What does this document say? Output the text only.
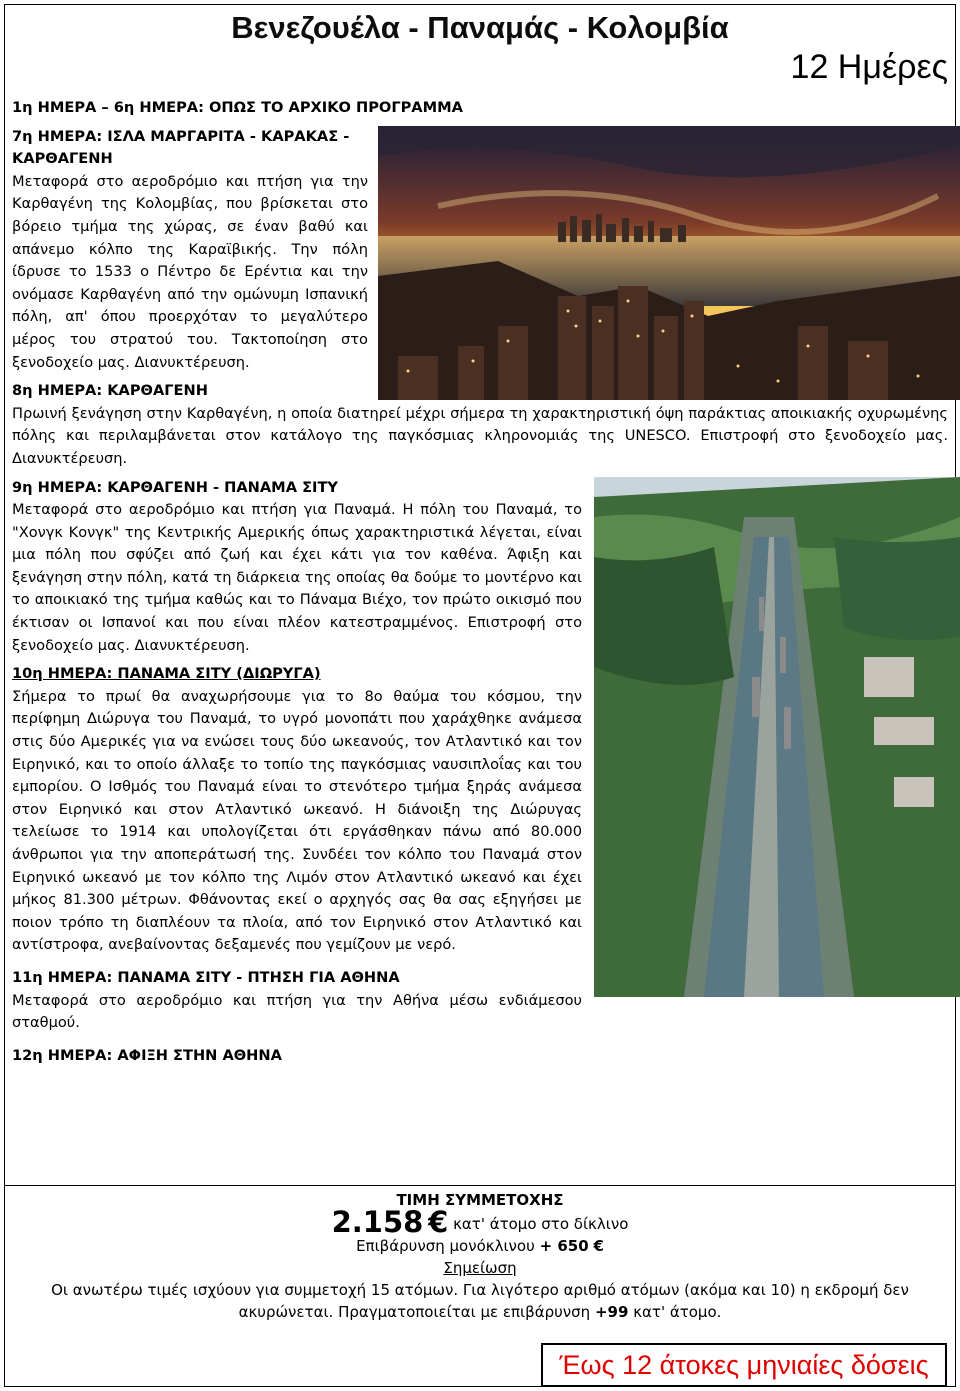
Βενεζουέλα - Παναμάς - Κολομβία
12 Ημέρες

1η ΗΜΕΡΑ – 6η ΗΜΕΡΑ: ΟΠΩΣ ΤΟ ΑΡΧΙΚΟ ΠΡΟΓΡΑΜΜΑ

7η ΗΜΕΡΑ: ΙΣΛΑ ΜΑΡΓΑΡΙΤΑ - ΚΑΡΑΚΑΣ - ΚΑΡΘΑΓΕΝΗ

Μεταφορά στο αεροδρόμιο και πτήση για την Καρθαγένη της Κολομβίας, που βρίσκεται στο βόρειο τμήμα της χώρας, σε έναν βαθύ και απάνεμο κόλπο της Καραϊβικής. Την πόλη ίδρυσε το 1533 ο Πέντρο δε Ερέντια και την ονόμασε Καρθαγένη από την ομώνυμη Ισπανική πόλη, απ' όπου προερχόταν το μεγαλύτερο μέρος του στρατού του. Τακτοποίηση στο ξενοδοχείο μας. Διανυκτέρευση.

8η ΗΜΕΡΑ: ΚΑΡΘΑΓΕΝΗ

Πρωινή ξενάγηση στην Καρθαγένη, η οποία διατηρεί μέχρι σήμερα τη χαρακτηριστική όψη παράκτιας αποικιακής οχυρωμένης πόλης και περιλαμβάνεται στον κατάλογο της παγκόσμιας κληρονομιάς της UNESCO. Επιστροφή στο ξενοδοχείο μας. Διανυκτέρευση.

9η ΗΜΕΡΑ: ΚΑΡΘΑΓΕΝΗ - ΠΑΝΑΜΑ ΣΙΤΥ

Μεταφορά στο αεροδρόμιο και πτήση για Παναμά. Η πόλη του Παναμά, το "Χονγκ Κονγκ" της Κεντρικής Αμερικής όπως χαρακτηριστικά λέγεται, είναι μια πόλη που σφύζει από ζωή και έχει κάτι για τον καθένα. Άφιξη και ξενάγηση στην πόλη, κατά τη διάρκεια της οποίας θα δούμε το μοντέρνο και το αποικιακό της τμήμα καθώς και το Πάναμα Βιέχο, τον πρώτο οικισμό που έκτισαν οι Ισπανοί και που είναι πλέον κατεστραμμένος. Επιστροφή στο ξενοδοχείο μας. Διανυκτέρευση.

10η ΗΜΕΡΑ: ΠΑΝΑΜΑ ΣΙΤΥ (ΔΙΩΡΥΓΑ)

Σήμερα το πρωί θα αναχωρήσουμε για το 8ο θαύμα του κόσμου, την περίφημη Διώρυγα του Παναμά, το υγρό μονοπάτι που χαράχθηκε ανάμεσα στις δύο Αμερικές για να ενώσει τους δύο ωκεανούς, τον Ατλαντικό και τον Ειρηνικό, και το οποίο άλλαξε το τοπίο της παγκόσμιας ναυσιπλοΐας και του εμπορίου. Ο Ισθμός του Παναμά είναι το στενότερο τμήμα ξηράς ανάμεσα στον Ειρηνικό και στον Ατλαντικό ωκεανό. Η διάνοιξη της Διώρυγας τελείωσε το 1914 και υπολογίζεται ότι εργάσθηκαν πάνω από 80.000 άνθρωποι για την αποπεράτωσή της. Συνδέει τον κόλπο του Παναμά στον Ειρηνικό ωκεανό με τον κόλπο της Λιμόν στον Ατλαντικό ωκεανό και έχει μήκος 81.300 μέτρων. Φθάνοντας εκεί ο αρχηγός σας θα σας εξηγήσει με ποιον τρόπο τη διαπλέουν τα πλοία, από τον Ειρηνικό στον Ατλαντικό και αντίστροφα, ανεβαίνοντας δεξαμενές που γεμίζουν με νερό.

11η ΗΜΕΡΑ: ΠΑΝΑΜΑ ΣΙΤΥ - ΠΤΗΣΗ ΓΙΑ ΑΘΗΝΑ

Μεταφορά στο αεροδρόμιο και πτήση για την Αθήνα μέσω ενδιάμεσου σταθμού.

12η ΗΜΕΡΑ: ΑΦΙΞΗ ΣΤΗΝ ΑΘΗΝΑ

ΤΙΜΗ ΣΥΜΜΕΤΟΧΗΣ
2.158 € κατ' άτομο στο δίκλινο
Επιβάρυνση μονόκλινου + 650 €
Σημείωση
Οι ανωτέρω τιμές ισχύουν για συμμετοχή 15 ατόμων. Για λιγότερο αριθμό ατόμων (ακόμα και 10) η εκδρομή δεν ακυρώνεται. Πραγματοποιείται με επιβάρυνση +99 κατ' άτομο.
Έως 12 άτοκες μηνιαίες δόσεις
